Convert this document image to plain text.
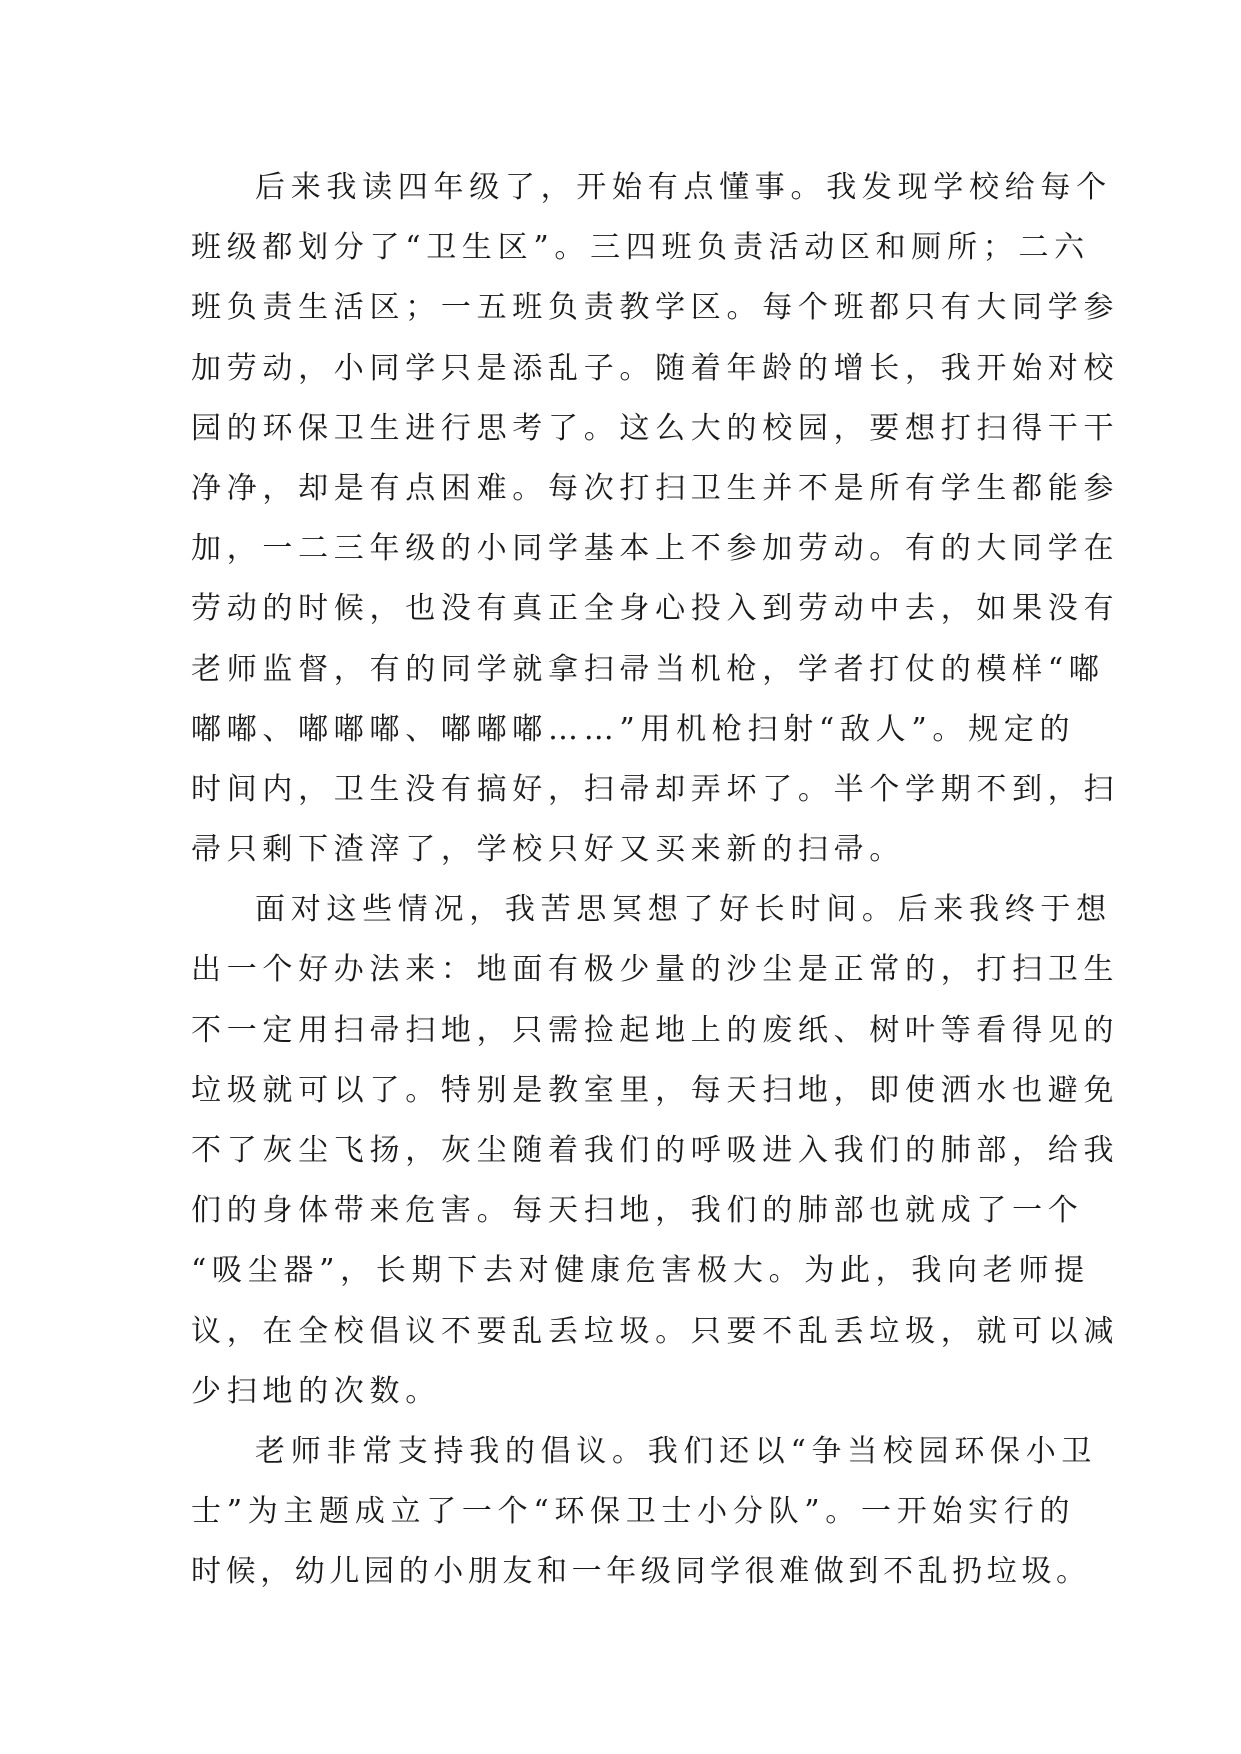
后来我读四年级了，开始有点懂事。我发现学校给每个
班级都划分了“卫生区”。三四班负责活动区和厕所；二六
班负责生活区；一五班负责教学区。每个班都只有大同学参
加劳动，小同学只是添乱子。随着年龄的增长，我开始对校
园的环保卫生进行思考了。这么大的校园，要想打扫得干干
净净，却是有点困难。每次打扫卫生并不是所有学生都能参
加，一二三年级的小同学基本上不参加劳动。有的大同学在
劳动的时候，也没有真正全身心投入到劳动中去，如果没有
老师监督，有的同学就拿扫帚当机枪，学者打仗的模样“嘟
嘟嘟、嘟嘟嘟、嘟嘟嘟……”用机枪扫射“敌人”。规定的
时间内，卫生没有搞好，扫帚却弄坏了。半个学期不到，扫
帚只剩下渣滓了，学校只好又买来新的扫帚。
面对这些情况，我苦思冥想了好长时间。后来我终于想
出一个好办法来：地面有极少量的沙尘是正常的，打扫卫生
不一定用扫帚扫地，只需捡起地上的废纸、树叶等看得见的
垃圾就可以了。特别是教室里，每天扫地，即使洒水也避免
不了灰尘飞扬，灰尘随着我们的呼吸进入我们的肺部，给我
们的身体带来危害。每天扫地，我们的肺部也就成了一个
“吸尘器”，长期下去对健康危害极大。为此，我向老师提
议，在全校倡议不要乱丢垃圾。只要不乱丢垃圾，就可以减
少扫地的次数。
老师非常支持我的倡议。我们还以“争当校园环保小卫
士”为主题成立了一个“环保卫士小分队”。一开始实行的
时候，幼儿园的小朋友和一年级同学很难做到不乱扔垃圾。
